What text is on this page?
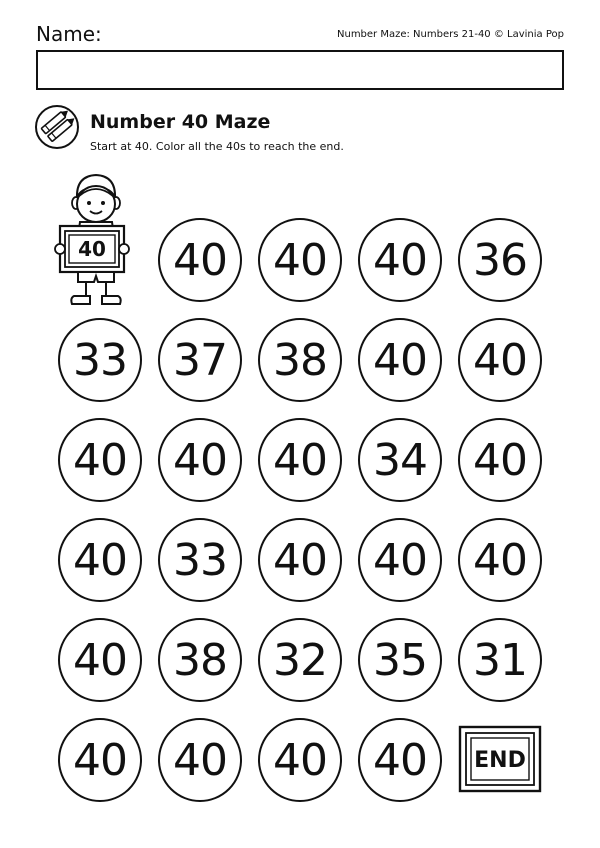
Name:	Number Maze: Numbers 21-40 © Lavinia Pop
Number 40 Maze
Start at 40. Color all the 40s to reach the end.
40	40	40	40	36
33	37	38	40	40
40	40	40	34	40
40	33	40	40	40
40	38	32	35	31
40	40	40	40	END
